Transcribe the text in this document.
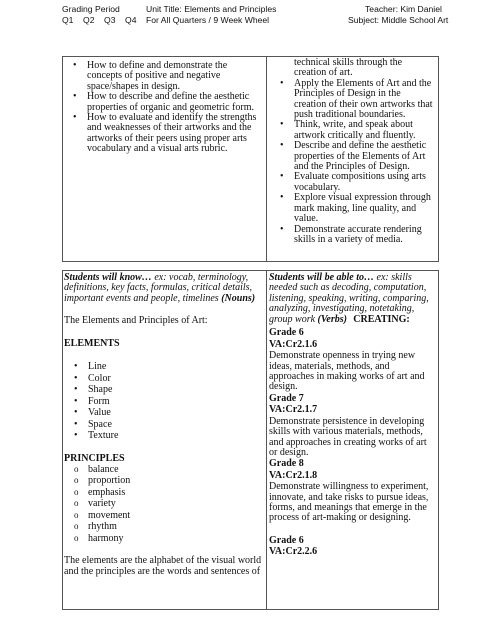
Grading Period	Unit Title: Elements and Principles	Teacher: Kim Daniel
Q1    Q2    Q3    Q4 For All Quarters / 9 Week Wheel	Subject: Middle School Art
• How to define and demonstrate the concepts of positive and negative space/shapes in design.
• How to describe and define the aesthetic properties of organic and geometric form.
• How to evaluate and identify the strengths and weaknesses of their artworks and the artworks of their peers using proper arts vocabulary and a visual arts rubric.
technical skills through the creation of art.
• Apply the Elements of Art and the Principles of Design in the creation of their own artworks that push traditional boundaries.
• Think, write, and speak about artwork critically and fluently.
• Describe and define the aesthetic properties of the Elements of Art and the Principles of Design.
• Evaluate compositions using arts vocabulary.
• Explore visual expression through mark making, line quality, and value.
• Demonstrate accurate rendering skills in a variety of media.
Students will know… ex: vocab, terminology, definitions, key facts, formulas, critical details, important events and people, timelines (Nouns)
The Elements and Principles of Art:
ELEMENTS
• Line
• Color
• Shape
• Form
• Value
• Space
• Texture
PRINCIPLES
o balance
o proportion
o emphasis
o variety
o movement
o rhythm
o harmony
The elements are the alphabet of the visual world and the principles are the words and sentences of
Students will be able to… ex: skills needed such as decoding, computation, listening, speaking, writing, comparing, analyzing, investigating, notetaking, group work (Verbs) CREATING:
Grade 6
VA:Cr2.1.6
Demonstrate openness in trying new ideas, materials, methods, and approaches in making works of art and design.
Grade 7
VA:Cr2.1.7
Demonstrate persistence in developing skills with various materials, methods, and approaches in creating works of art or design.
Grade 8
VA:Cr2.1.8
Demonstrate willingness to experiment, innovate, and take risks to pursue ideas, forms, and meanings that emerge in the process of art-making or designing.
Grade 6
VA:Cr2.2.6
